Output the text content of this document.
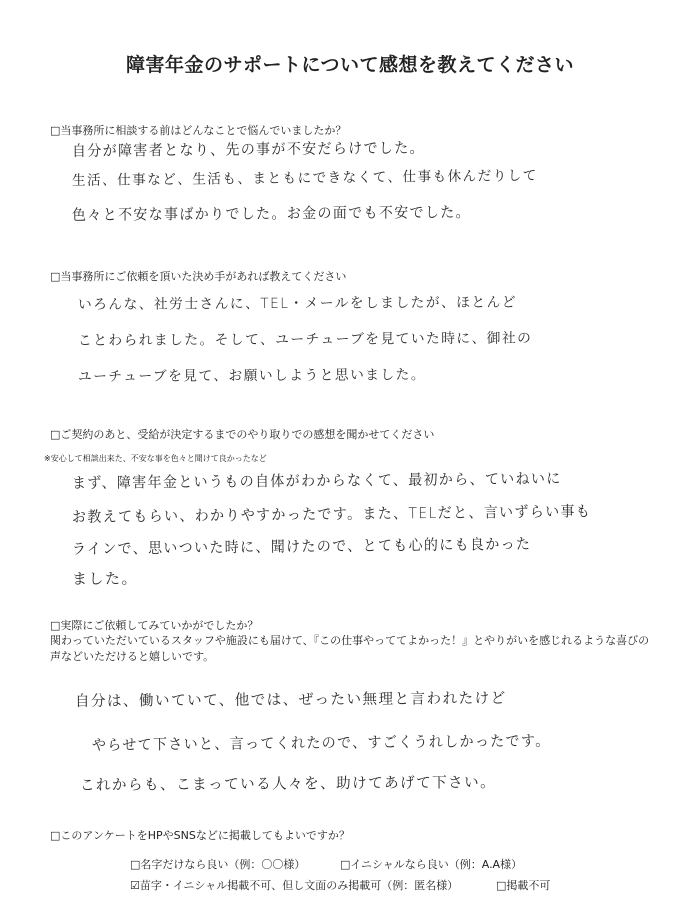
障害年金のサポートについて感想を教えてください
□当事務所に相談する前はどんなことで悩んでいましたか？
自分が障害者となり、先の事が不安だらけでした。
生活、仕事など、生活も、まともにできなくて、仕事も休んだりして
色々と不安な事ばかりでした。お金の面でも不安でした。
□当事務所にご依頼を頂いた決め手があれば教えてください
いろんな、社労士さんに、TEL・メールをしましたが、ほとんど
ことわられました。そして、ユーチューブを見ていた時に、御社の
ユーチューブを見て、お願いしようと思いました。
□ご契約のあと、受給が決定するまでのやり取りでの感想を聞かせてください
※安心して相談出来た、不安な事を色々と聞けて良かったなど
まず、障害年金というもの自体がわからなくて、最初から、ていねいに
お教えてもらい、わかりやすかったです。また、TELだと、言いずらい事も
ラインで、思いついた時に、聞けたので、とても心的にも良かった
ました。
□実際にご依頼してみていかがでしたか？
関わっていただいているスタッフや施設にも届けて、『この仕事やっててよかった！』とやりがいを感じれるような喜びの声などいただけると嬉しいです。
自分は、働いていて、他では、ぜったい無理と言われたけど
やらせて下さいと、言ってくれたので、すごくうれしかったです。
これからも、こまっている人々を、助けてあげて下さい。
□このアンケートをHPやSNSなどに掲載してもよいですか？
□名字だけなら良い（例：〇〇様）	□イニシャルなら良い（例：A.A様）
☑苗字・イニシャル掲載不可、但し文面のみ掲載可（例：匿名様）	□掲載不可
